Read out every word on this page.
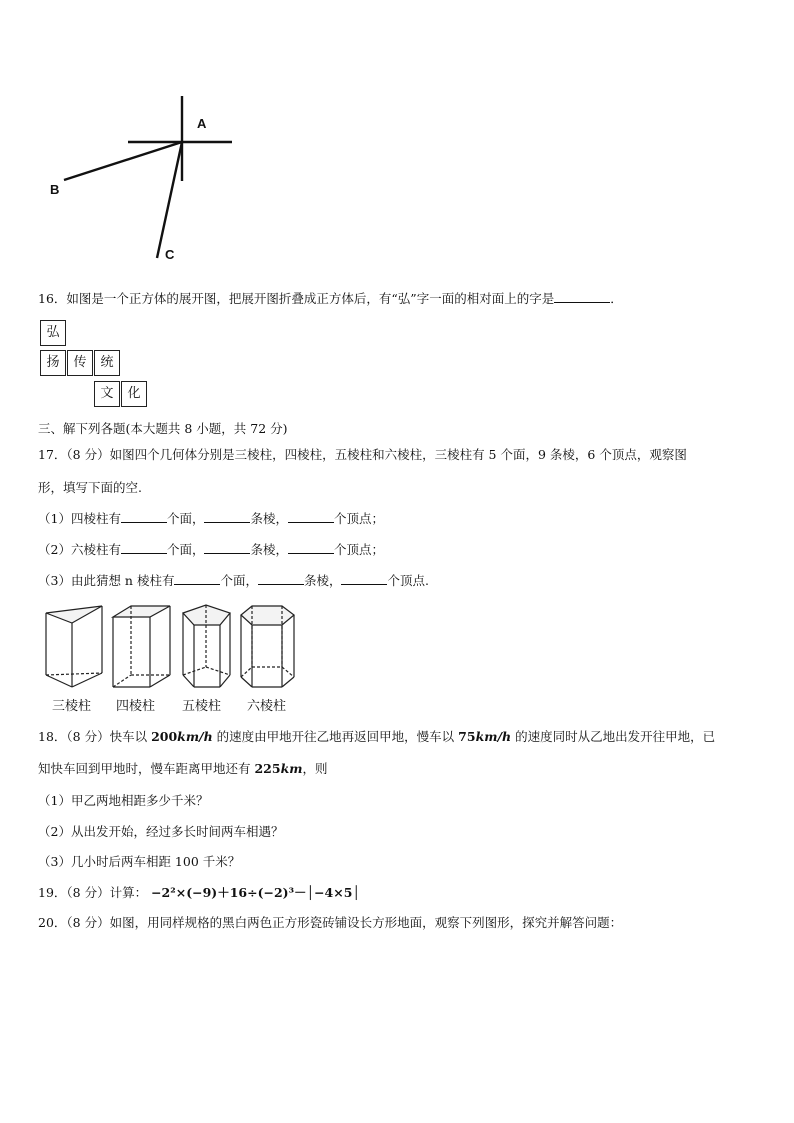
A
B
C
16．如图是一个正方体的展开图，把展开图折叠成正方体后，有“弘”字一面的相对面上的字是	．
弘
扬	传	统
文	化
三、解下列各题(本大题共 8 小题，共 72 分)
17．（8 分）如图四个几何体分别是三棱柱，四棱柱，五棱柱和六棱柱，三棱柱有 5 个面，9 条棱，6 个顶点，观察图
形，填写下面的空.
（1）四棱柱有	个面，	条棱，	个顶点；
（2）六棱柱有	个面，	条棱，	个顶点；
（3）由此猜想 n 棱柱有	个面，	条棱，	个顶点.
三棱柱 四棱柱 五棱柱 六棱柱
18．（8 分）快车以 200km/h 的速度由甲地开往乙地再返回甲地，慢车以 75km/h 的速度同时从乙地出发开往甲地，已
知快车回到甲地时，慢车距离甲地还有 225km，则
（1）甲乙两地相距多少千米？
（2）从出发开始，经过多长时间两车相遇？
（3）几小时后两车相距 100 千米？
19．（8 分）计算： −2²×(−9)＋16÷(−2)³－│−4×5│
20．（8 分）如图，用同样规格的黑白两色正方形瓷砖铺设长方形地面，观察下列图形，探究并解答问题：
